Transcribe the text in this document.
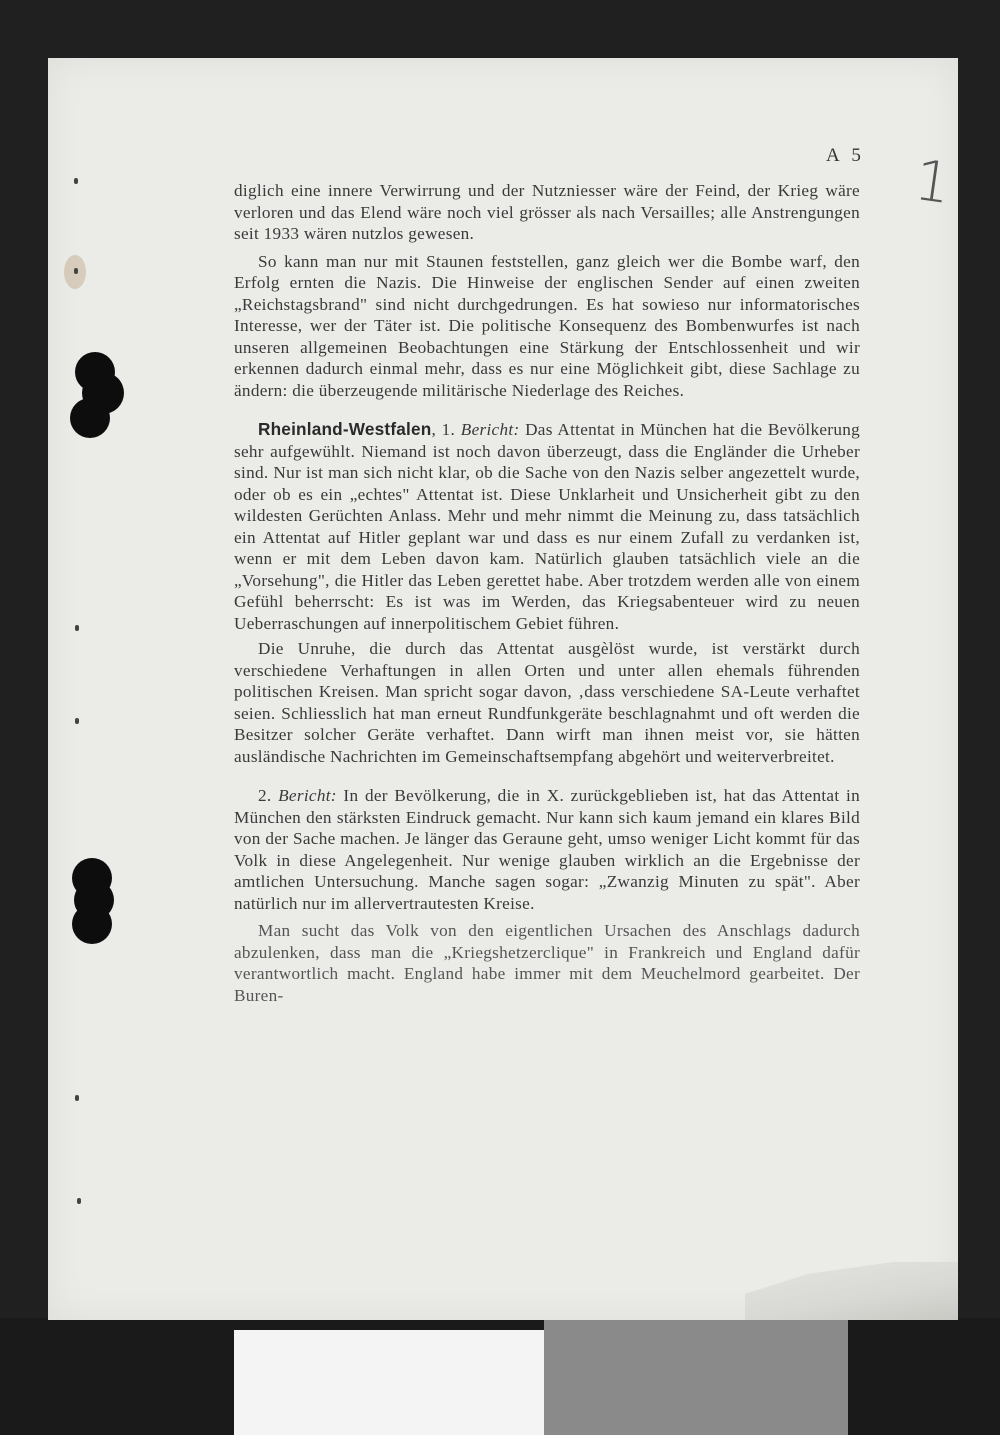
A 5 1

diglich eine innere Verwirrung und der Nutzniesser wäre der Feind, der Krieg wäre verloren und das Elend wäre noch viel grösser als nach Versailles; alle Anstrengungen seit 1933 wären nutzlos gewesen.

So kann man nur mit Staunen feststellen, ganz gleich wer die Bombe warf, den Erfolg ernten die Nazis. Die Hinweise der englischen Sender auf einen zweiten „Reichstagsbrand" sind nicht durchgedrungen. Es hat sowieso nur informatorisches Interesse, wer der Täter ist. Die politische Konsequenz des Bombenwurfes ist nach unseren allgemeinen Beobachtungen eine Stärkung der Entschlossenheit und wir erkennen dadurch einmal mehr, dass es nur eine Möglichkeit gibt, diese Sachlage zu ändern: die überzeugende militärische Niederlage des Reiches.

Rheinland-Westfalen, 1. Bericht: Das Attentat in München hat die Bevölkerung sehr aufgewühlt. Niemand ist noch davon überzeugt, dass die Engländer die Urheber sind. Nur ist man sich nicht klar, ob die Sache von den Nazis selber angezettelt wurde, oder ob es ein „echtes" Attentat ist. Diese Unklarheit und Unsicherheit gibt zu den wildesten Gerüchten Anlass. Mehr und mehr nimmt die Meinung zu, dass tatsächlich ein Attentat auf Hitler geplant war und dass es nur einem Zufall zu verdanken ist, wenn er mit dem Leben davon kam. Natürlich glauben tatsächlich viele an die „Vorsehung", die Hitler das Leben gerettet habe. Aber trotzdem werden alle von einem Gefühl beherrscht: Es ist was im Werden, das Kriegsabenteuer wird zu neuen Ueberraschungen auf innerpolitischem Gebiet führen.

Die Unruhe, die durch das Attentat ausgèlöst wurde, ist verstärkt durch verschiedene Verhaftungen in allen Orten und unter allen ehemals führenden politischen Kreisen. Man spricht sogar davon, ‚dass verschiedene SA-Leute verhaftet seien. Schliesslich hat man erneut Rundfunkgeräte beschlagnahmt und oft werden die Besitzer solcher Geräte verhaftet. Dann wirft man ihnen meist vor, sie hätten ausländische Nachrichten im Gemeinschaftsempfang abgehört und weiterverbreitet.

2. Bericht: In der Bevölkerung, die in X. zurückgeblieben ist, hat das Attentat in München den stärksten Eindruck gemacht. Nur kann sich kaum jemand ein klares Bild von der Sache machen. Je länger das Geraune geht, umso weniger Licht kommt für das Volk in diese Angelegenheit. Nur wenige glauben wirklich an die Ergebnisse der amtlichen Untersuchung. Manche sagen sogar: „Zwanzig Minuten zu spät". Aber natürlich nur im allervertrautesten Kreise.

Man sucht das Volk von den eigentlichen Ursachen des Anschlags dadurch abzulenken, dass man die „Kriegshetzerclique" in Frankreich und England dafür verantwortlich macht. England habe immer mit dem Meuchelmord gearbeitet. Der Buren-
